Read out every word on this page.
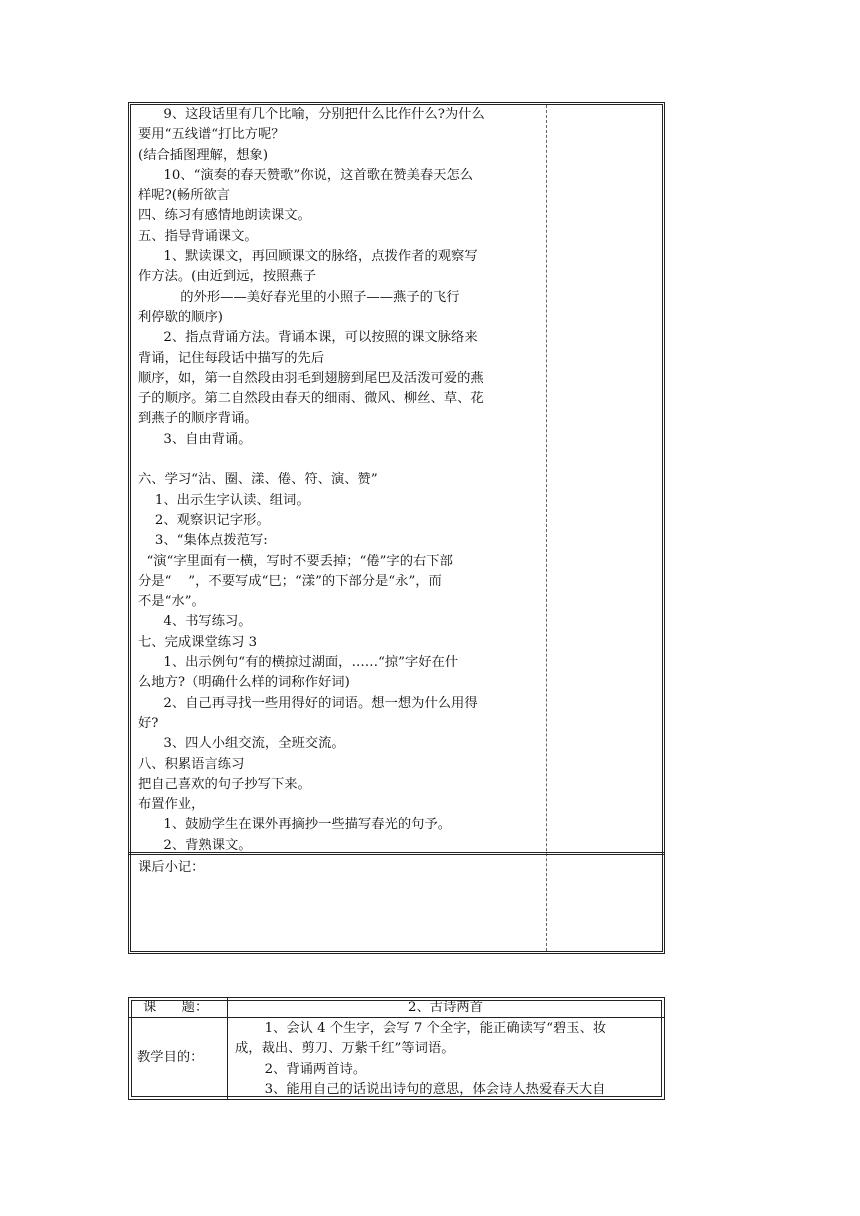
9、这段话里有几个比喻，分别把什么比作什么?为什么
要用“五线谱“打比方呢？
(结合插图理解，想象)
10、“演奏的春天赞歌”你说，这首歌在赞美春天怎么
样呢?(畅所欲言
四、练习有感情地朗读课文。
五、指导背诵课文。
1、默读课文，再回顾课文的脉络，点拨作者的观察写
作方法。(由近到远，按照燕子
的外形——美好春光里的小照子——燕子的飞行
利停歇的顺序)
2、指点背诵方法。背诵本课，可以按照的课文脉络来
背诵，记住每段话中描写的先后
顺序，如，第一自然段由羽毛到翅膀到尾巴及活泼可爱的燕
子的顺序。第二自然段由春天的细雨、微风、柳丝、草、花
到燕子的顺序背诵。
3、自由背诵。
六、学习“沾、圈、漾、倦、符、演、赞”
1、出示生字认读、组词。
2、观察识记字形。
3、“集体点拨范写:
“演“字里面有一横，写时不要丢掉；“倦”字的右下部
分是“    ”，不要写成“巳；“漾”的下部分是“永”，而
不是“水”。
4、书写练习。
七、完成课堂练习 3
1、出示例句“有的横掠过湖面，……“掠”字好在什
么地方?（明确什么样的词称作好词)
2、自己再寻找一些用得好的词语。想一想为什么用得
好?
3、四人小组交流，全班交流。
八、积累语言练习
把自己喜欢的句子抄写下来。
布置作业，
1、鼓励学生在课外再摘抄一些描写春光的句予。
2、背熟课文。
课后小记：
课      题：	2、古诗两首
教学目的：
1、会认 4 个生字，会写 7 个全字，能正确读写“碧玉、妆
成，裁出、剪刀、万紫千红”等词语。
2、背诵两首诗。
3、能用自己的话说出诗句的意思，体会诗人热爱春天大自
